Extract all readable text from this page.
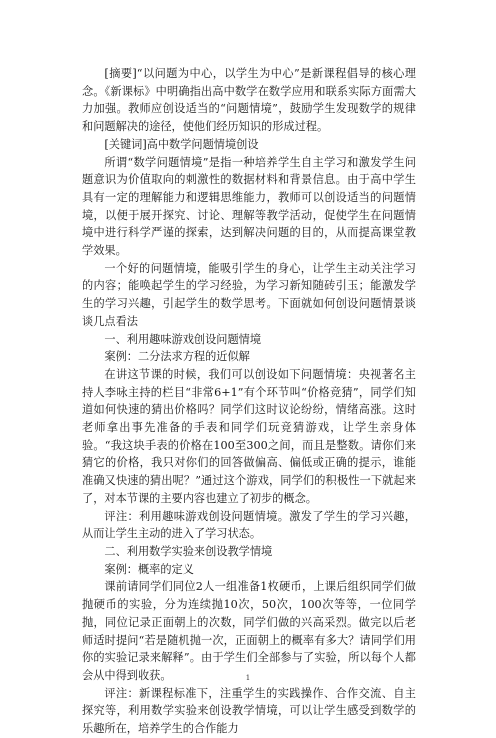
[摘要]“以问题为中心，以学生为中心”是新课程倡导的核心理念。《新课标》中明确指出高中数学在数学应用和联系实际方面需大力加强。教师应创设适当的“问题情境”，鼓励学生发现数学的规律和问题解决的途径，使他们经历知识的形成过程。

[关键词]高中数学问题情境创设

所谓“数学问题情境”是指一种培养学生自主学习和激发学生问题意识为价值取向的刺激性的数据材料和背景信息。由于高中学生具有一定的理解能力和逻辑思维能力，教师可以创设适当的问题情境，以便于展开探究、讨论、理解等教学活动，促使学生在问题情境中进行科学严谨的探索，达到解决问题的目的，从而提高课堂教学效果。

一个好的问题情境，能吸引学生的身心，让学生主动关注学习的内容；能唤起学生的学习经验，为学习新知随砖引玉；能激发学生的学习兴趣，引起学生的数学思考。下面就如何创设问题情景谈谈几点看法

一、利用趣味游戏创设问题情境

案例：二分法求方程的近似解

在讲这节课的时候，我们可以创设如下问题情境：央视著名主持人李咏主持的栏目“非常6+1”有个环节叫“价格竞猜”，同学们知道如何快速的猜出价格吗？同学们这时议论纷纷，情绪高涨。这时老师拿出事先准备的手表和同学们玩竞猜游戏，让学生亲身体验。“我这块手表的价格在100至300之间，而且是整数。请你们来猜它的价格，我只对你们的回答做偏高、偏低或正确的提示，谁能准确又快速的猜出呢？”通过这个游戏，同学们的积极性一下就起来了，对本节课的主要内容也建立了初步的概念。

评注：利用趣味游戏创设问题情境。激发了学生的学习兴趣，从而让学生主动的进入了学习状态。

二、利用数学实验来创设教学情境

案例：概率的定义

课前请同学们同位2人一组准备1枚硬币，上课后组织同学们做抛硬币的实验，分为连续抛10次，50次，100次等等，一位同学抛，同位记录正面朝上的次数，同学们做的兴高采烈。做完以后老师适时提问“若是随机抛一次，正面朝上的概率有多大？请同学们用你的实验记录来解释”。由于学生们全部参与了实验，所以每个人都会从中得到收获。

评注：新课程标准下，注重学生的实践操作、合作交流、自主探究等，利用数学实验来创设教学情境，可以让学生感受到数学的乐趣所在，培养学生的合作能力

1
